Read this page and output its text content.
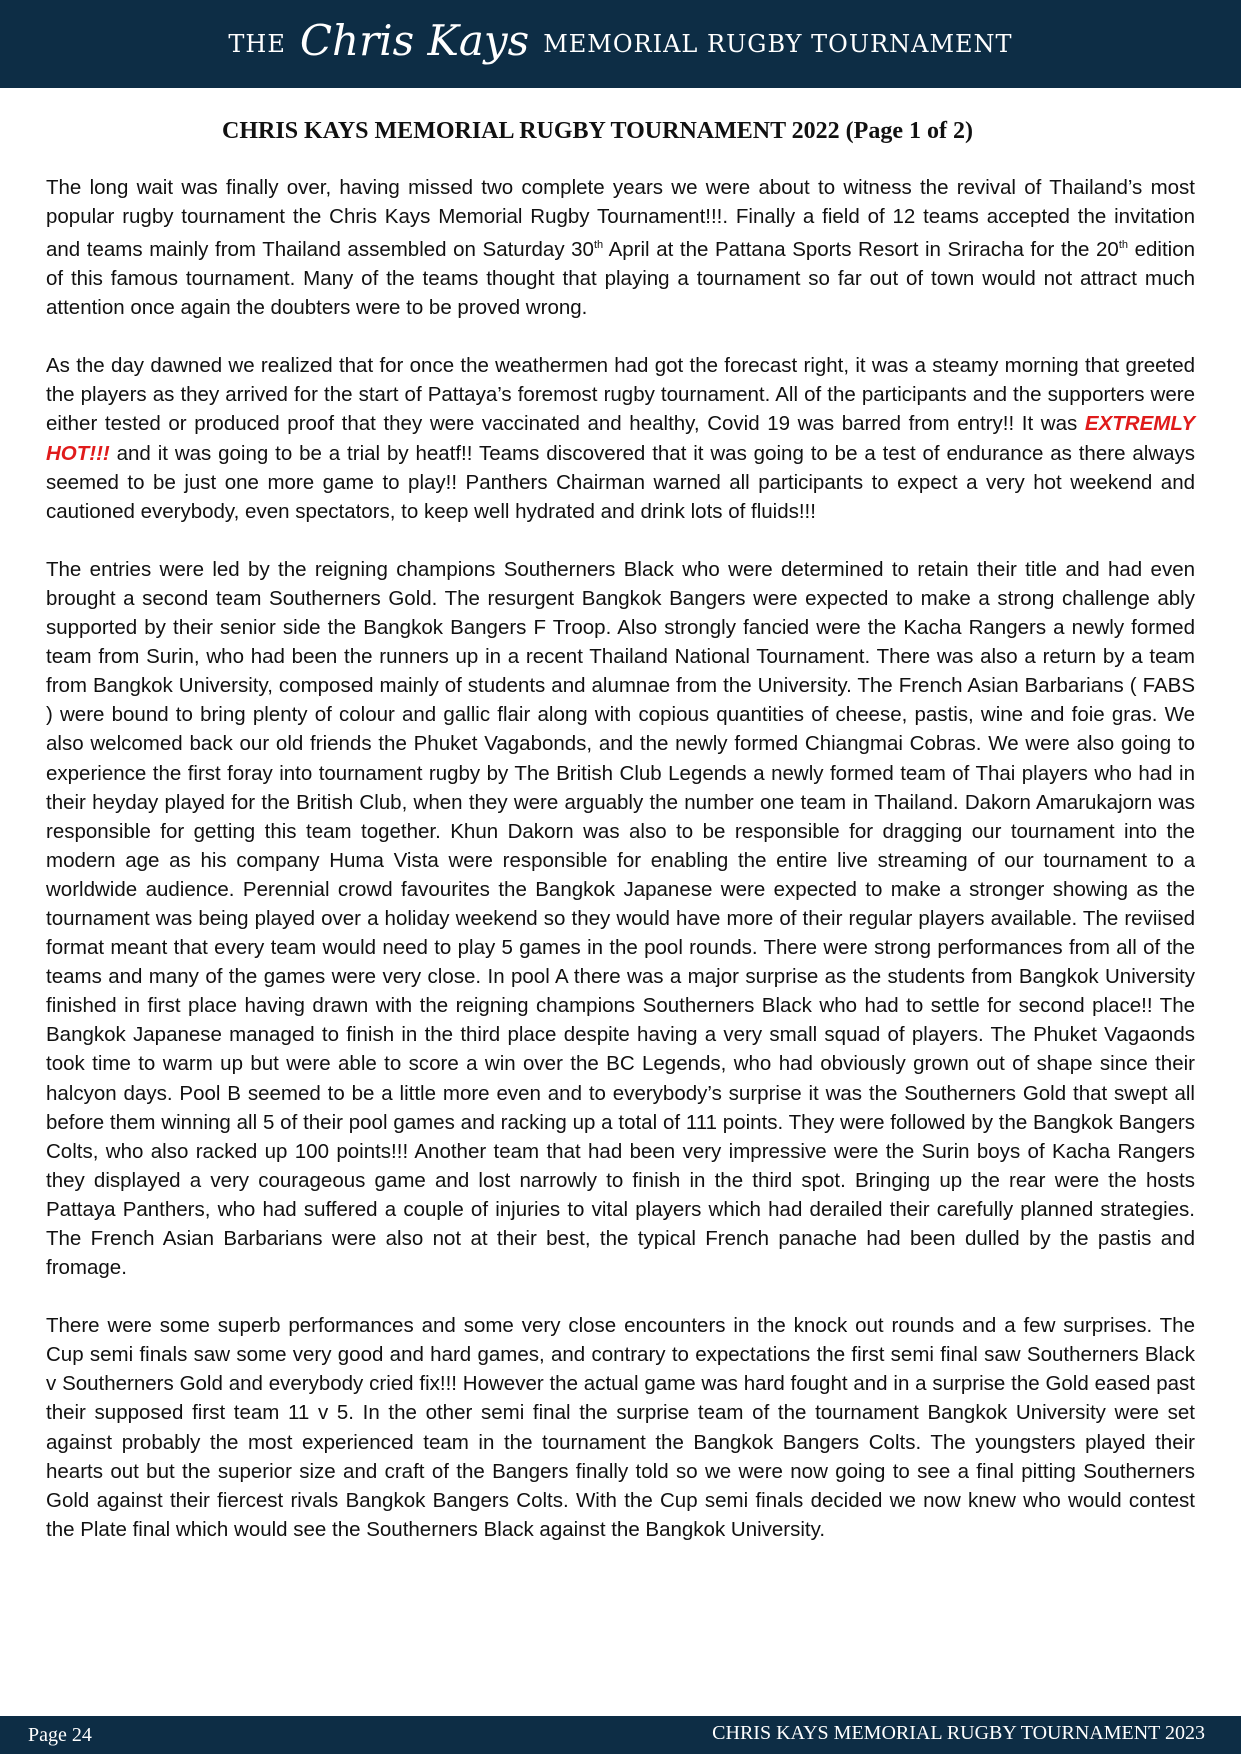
THE Chris Kays MEMORIAL RUGBY TOURNAMENT
CHRIS KAYS MEMORIAL RUGBY TOURNAMENT 2022 (Page 1 of 2)

The long wait was finally over, having missed two complete years we were about to witness the revival of Thailand’s most popular rugby tournament the Chris Kays Memorial Rugby Tournament!!!. Finally a field of 12 teams accepted the invitation and teams mainly from Thailand assembled on Saturday 30th April at the Pattana Sports Resort in Sriracha for the 20th edition of this famous tournament. Many of the teams thought that playing a tournament so far out of town would not attract much attention once again the doubters were to be proved wrong.

As the day dawned we realized that for once the weathermen had got the forecast right, it was a steamy morning that greeted the players as they arrived for the start of Pattaya’s foremost rugby tournament. All of the participants and the supporters were either tested or produced proof that they were vaccinated and healthy, Covid 19 was barred from entry!! It was EXTREMLY HOT!!! and it was going to be a trial by heatf!! Teams discovered that it was going to be a test of endurance as there always seemed to be just one more game to play!! Panthers Chairman warned all participants to expect a very hot weekend and cautioned everybody, even spectators, to keep well hydrated and drink lots of fluids!!!

The entries were led by the reigning champions Southerners Black who were determined to retain their title and had even brought a second team Southerners Gold. The resurgent Bangkok Bangers were expected to make a strong challenge ably supported by their senior side the Bangkok Bangers F Troop. Also strongly fancied were the Kacha Rangers a newly formed team from Surin, who had been the runners up in a recent Thailand National Tournament. There was also a return by a team from Bangkok University, composed mainly of students and alumnae from the University. The French Asian Barbarians ( FABS ) were bound to bring plenty of colour and gallic flair along with copious quantities of cheese, pastis, wine and foie gras. We also welcomed back our old friends the Phuket Vagabonds, and the newly formed Chiangmai Cobras. We were also going to experience the first foray into tournament rugby by The British Club Legends a newly formed team of Thai players who had in their heyday played for the British Club, when they were arguably the number one team in Thailand. Dakorn Amarukajorn was responsible for getting this team together. Khun Dakorn was also to be responsible for dragging our tournament into the modern age as his company Huma Vista were responsible for enabling the entire live streaming of our tournament to a worldwide audience. Perennial crowd favourites the Bangkok Japanese were expected to make a stronger showing as the tournament was being played over a holiday weekend so they would have more of their regular players available. The reviised format meant that every team would need to play 5 games in the pool rounds. There were strong performances from all of the teams and many of the games were very close. In pool A there was a major surprise as the students from Bangkok University finished in first place having drawn with the reigning champions Southerners Black who had to settle for second place!! The Bangkok Japanese managed to finish in the third place despite having a very small squad of players. The Phuket Vagaonds took time to warm up but were able to score a win over the BC Legends, who had obviously grown out of shape since their halcyon days. Pool B seemed to be a little more even and to everybody’s surprise it was the Southerners Gold that swept all before them winning all 5 of their pool games and racking up a total of 111 points. They were followed by the Bangkok Bangers Colts, who also racked up 100 points!!! Another team that had been very impressive were the Surin boys of Kacha Rangers they displayed a very courageous game and lost narrowly to finish in the third spot. Bringing up the rear were the hosts Pattaya Panthers, who had suffered a couple of injuries to vital players which had derailed their carefully planned strategies. The French Asian Barbarians were also not at their best, the typical French panache had been dulled by the pastis and fromage.

There were some superb performances and some very close encounters in the knock out rounds and a few surprises. The Cup semi finals saw some very good and hard games, and contrary to expectations the first semi final saw Southerners Black v Southerners Gold and everybody cried fix!!! However the actual game was hard fought and in a surprise the Gold eased past their supposed first team 11 v 5. In the other semi final the surprise team of the tournament Bangkok University were set against probably the most experienced team in the tournament the Bangkok Bangers Colts. The youngsters played their hearts out but the superior size and craft of the Bangers finally told so we were now going to see a final pitting Southerners Gold against their fiercest rivals Bangkok Bangers Colts. With the Cup semi finals decided we now knew who would contest the Plate final which would see the Southerners Black against the Bangkok University.

Page 24	CHRIS KAYS MEMORIAL RUGBY TOURNAMENT 2023
